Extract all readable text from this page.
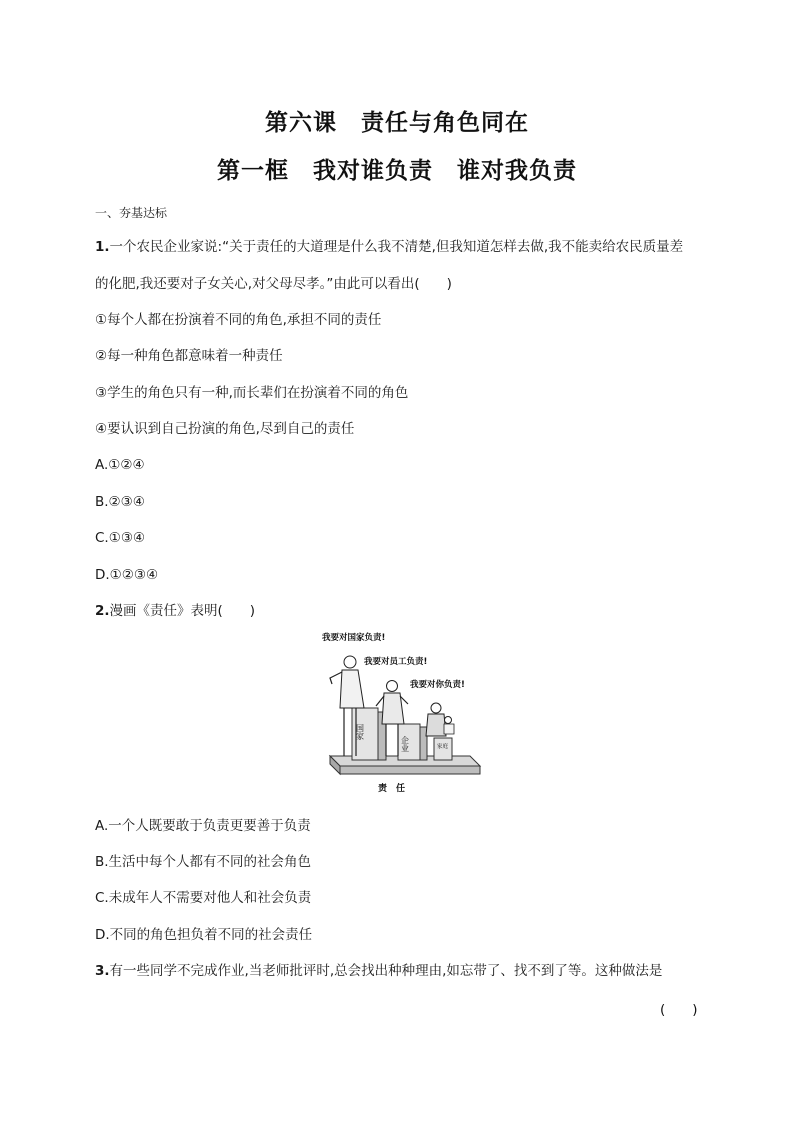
第六课　责任与角色同在
第一框　我对谁负责　谁对我负责
一、夯基达标
1.一个农民企业家说:“关于责任的大道理是什么我不清楚,但我知道怎样去做,我不能卖给农民质量差
的化肥,我还要对子女关心,对父母尽孝。”由此可以看出(　　)
①每个人都在扮演着不同的角色,承担不同的责任
②每一种角色都意味着一种责任
③学生的角色只有一种,而长辈们在扮演着不同的角色
④要认识到自己扮演的角色,尽到自己的责任
A.①②④
B.②③④
C.①③④
D.①②③④
2.漫画《责任》表明(　　)
我要对国家负责!
我要对员工负责!
我要对你负责!
国家
企业	家庭
责　任
A.一个人既要敢于负责更要善于负责
B.生活中每个人都有不同的社会角色
C.未成年人不需要对他人和社会负责
D.不同的角色担负着不同的社会责任
3.有一些同学不完成作业,当老师批评时,总会找出种种理由,如忘带了、找不到了等。这种做法是
(　　)
